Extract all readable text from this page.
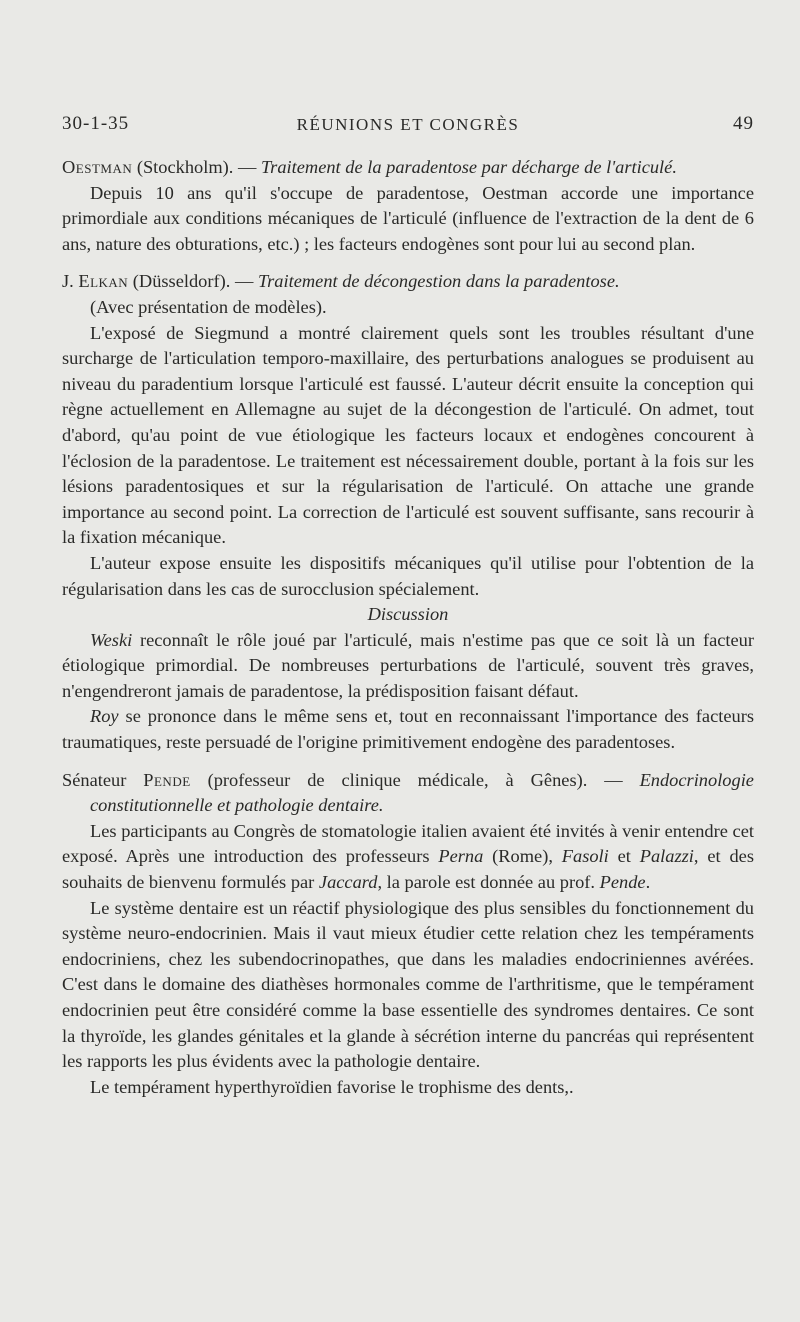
30-1-35	RÉUNIONS ET CONGRÈS	49

Oestman (Stockholm). — Traitement de la paradentose par décharge de l'articulé.

Depuis 10 ans qu'il s'occupe de paradentose, Oestman accorde une importance primordiale aux conditions mécaniques de l'articulé (influence de l'extraction de la dent de 6 ans, nature des obturations, etc.) ; les facteurs endogènes sont pour lui au second plan.

J. Elkan (Düsseldorf). — Traitement de décongestion dans la paradentose.
(Avec présentation de modèles).

L'exposé de Siegmund a montré clairement quels sont les troubles résultant d'une surcharge de l'articulation temporo-maxillaire, des perturbations analogues se produisent au niveau du paradentium lorsque l'articulé est faussé. L'auteur décrit ensuite la conception qui règne actuellement en Allemagne au sujet de la décongestion de l'articulé. On admet, tout d'abord, qu'au point de vue étiologique les facteurs locaux et endogènes concourent à l'éclosion de la paradentose. Le traitement est nécessairement double, portant à la fois sur les lésions paradentosiques et sur la régularisation de l'articulé. On attache une grande importance au second point. La correction de l'articulé est souvent suffisante, sans recourir à la fixation mécanique.

L'auteur expose ensuite les dispositifs mécaniques qu'il utilise pour l'obtention de la régularisation dans les cas de surocclusion spécialement.

Discussion

Weski reconnaît le rôle joué par l'articulé, mais n'estime pas que ce soit là un facteur étiologique primordial. De nombreuses perturbations de l'articulé, souvent très graves, n'engendreront jamais de paradentose, la prédisposition faisant défaut.

Roy se prononce dans le même sens et, tout en reconnaissant l'importance des facteurs traumatiques, reste persuadé de l'origine primitivement endogène des paradentoses.

Sénateur Pende (professeur de clinique médicale, à Gênes). — Endocrinologie constitutionnelle et pathologie dentaire.

Les participants au Congrès de stomatologie italien avaient été invités à venir entendre cet exposé. Après une introduction des professeurs Perna (Rome), Fasoli et Palazzi, et des souhaits de bienvenu formulés par Jaccard, la parole est donnée au prof. Pende.

Le système dentaire est un réactif physiologique des plus sensibles du fonctionnement du système neuro-endocrinien. Mais il vaut mieux étudier cette relation chez les tempéraments endocriniens, chez les subendocrinopathes, que dans les maladies endocriniennes avérées. C'est dans le domaine des diathèses hormonales comme de l'arthritisme, que le tempérament endocrinien peut être considéré comme la base essentielle des syndromes dentaires. Ce sont la thyroïde, les glandes génitales et la glande à sécrétion interne du pancréas qui représentent les rapports les plus évidents avec la pathologie dentaire.

Le tempérament hyperthyroïdien favorise le trophisme des dents,.
